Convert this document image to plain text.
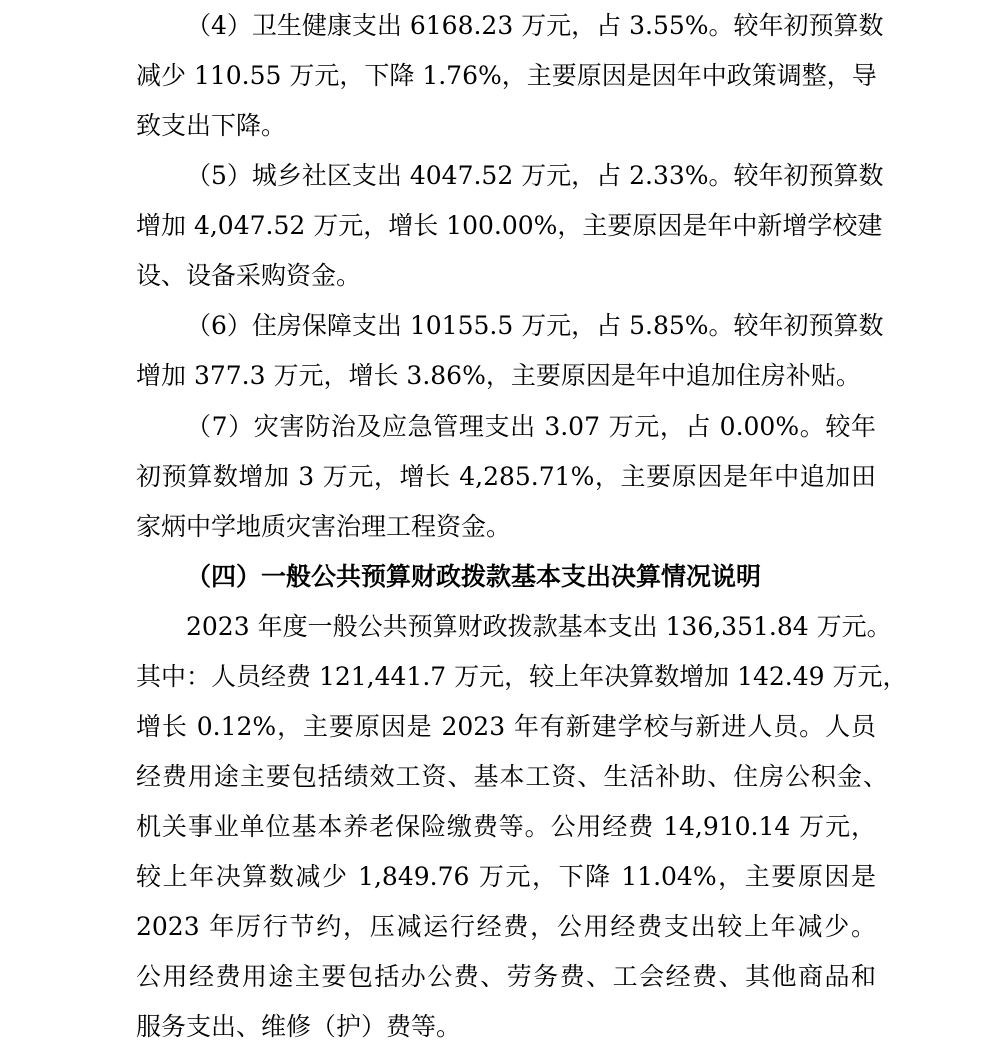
（4）卫生健康支出 6168.23 万元，占 3.55%。较年初预算数
减少 110.55 万元，下降 1.76%，主要原因是因年中政策调整，导
致支出下降。
（5）城乡社区支出 4047.52 万元，占 2.33%。较年初预算数
增加 4,047.52 万元，增长 100.00%，主要原因是年中新增学校建
设、设备采购资金。
（6）住房保障支出 10155.5 万元，占 5.85%。较年初预算数
增加 377.3 万元，增长 3.86%，主要原因是年中追加住房补贴。
（7）灾害防治及应急管理支出 3.07 万元，占 0.00%。较年
初预算数增加 3 万元，增长 4,285.71%，主要原因是年中追加田
家炳中学地质灾害治理工程资金。
（四）一般公共预算财政拨款基本支出决算情况说明
2023 年度一般公共预算财政拨款基本支出 136,351.84 万元。
其中：人员经费 121,441.7 万元，较上年决算数增加 142.49 万元，
增长 0.12%，主要原因是 2023 年有新建学校与新进人员。人员
经费用途主要包括绩效工资、基本工资、生活补助、住房公积金、
机关事业单位基本养老保险缴费等。公用经费 14,910.14 万元，
较上年决算数减少 1,849.76 万元，下降 11.04%，主要原因是
2023 年厉行节约，压减运行经费，公用经费支出较上年减少。
公用经费用途主要包括办公费、劳务费、工会经费、其他商品和
服务支出、维修（护）费等。
